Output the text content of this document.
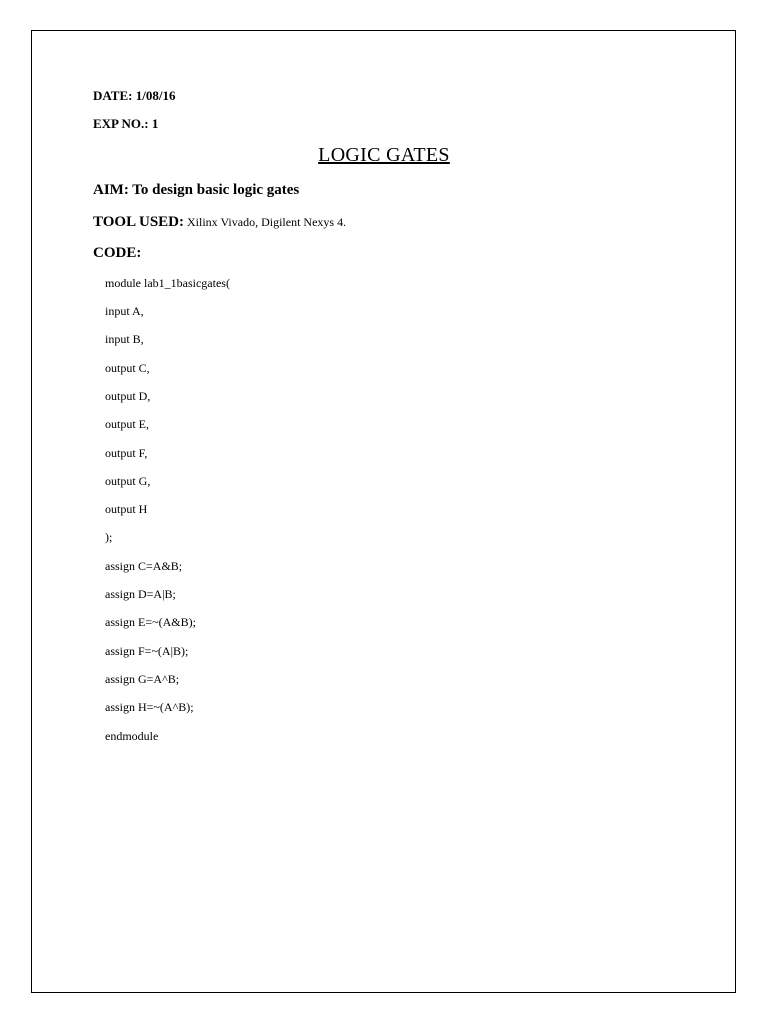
DATE: 1/08/16
EXP NO.: 1
LOGIC GATES
AIM: To design basic logic gates
TOOL USED: Xilinx Vivado, Digilent Nexys 4.
CODE:
module lab1_1basicgates(
input A,
input B,
output C,
output D,
output E,
output F,
output G,
output H
);
assign C=A&B;
assign D=A|B;
assign E=~(A&B);
assign F=~(A|B);
assign G=A^B;
assign H=~(A^B);
endmodule
